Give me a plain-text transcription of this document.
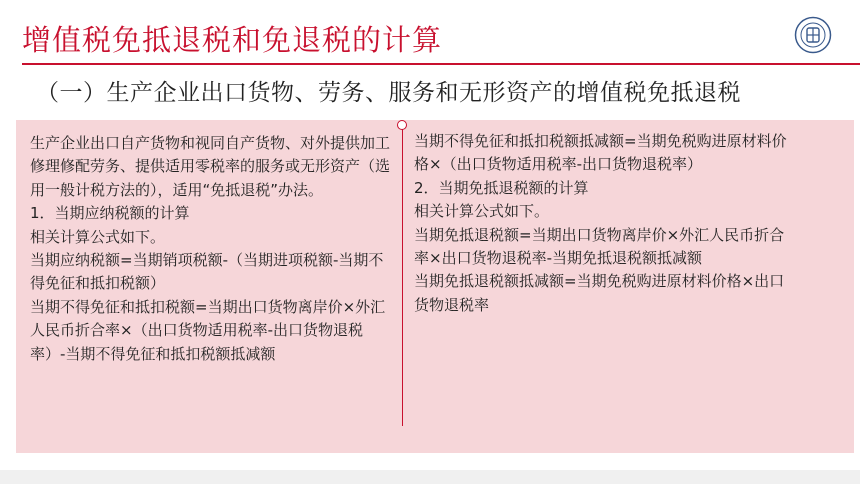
增值税免抵退税和免退税的计算
（一）生产企业出口货物、劳务、服务和无形资产的增值税免抵退税

生产企业出口自产货物和视同自产货物、对外提供加工修理修配劳务、提供适用零税率的服务或无形资产（选用一般计税方法的），适用“免抵退税”办法。

1．当期应纳税额的计算

相关计算公式如下。

当期应纳税额=当期销项税额-（当期进项税额-当期不得免征和抵扣税额）

当期不得免征和抵扣税额=当期出口货物离岸价×外汇人民币折合率×（出口货物适用税率-出口货物退税率）-当期不得免征和抵扣税额抵减额

当期不得免征和抵扣税额抵减额=当期免税购进原材料价格×（出口货物适用税率-出口货物退税率）

2．当期免抵退税额的计算

相关计算公式如下。

当期免抵退税额=当期出口货物离岸价×外汇人民币折合率×出口货物退税率-当期免抵退税额抵减额

当期免抵退税额抵减额=当期免税购进原材料价格×出口货物退税率
